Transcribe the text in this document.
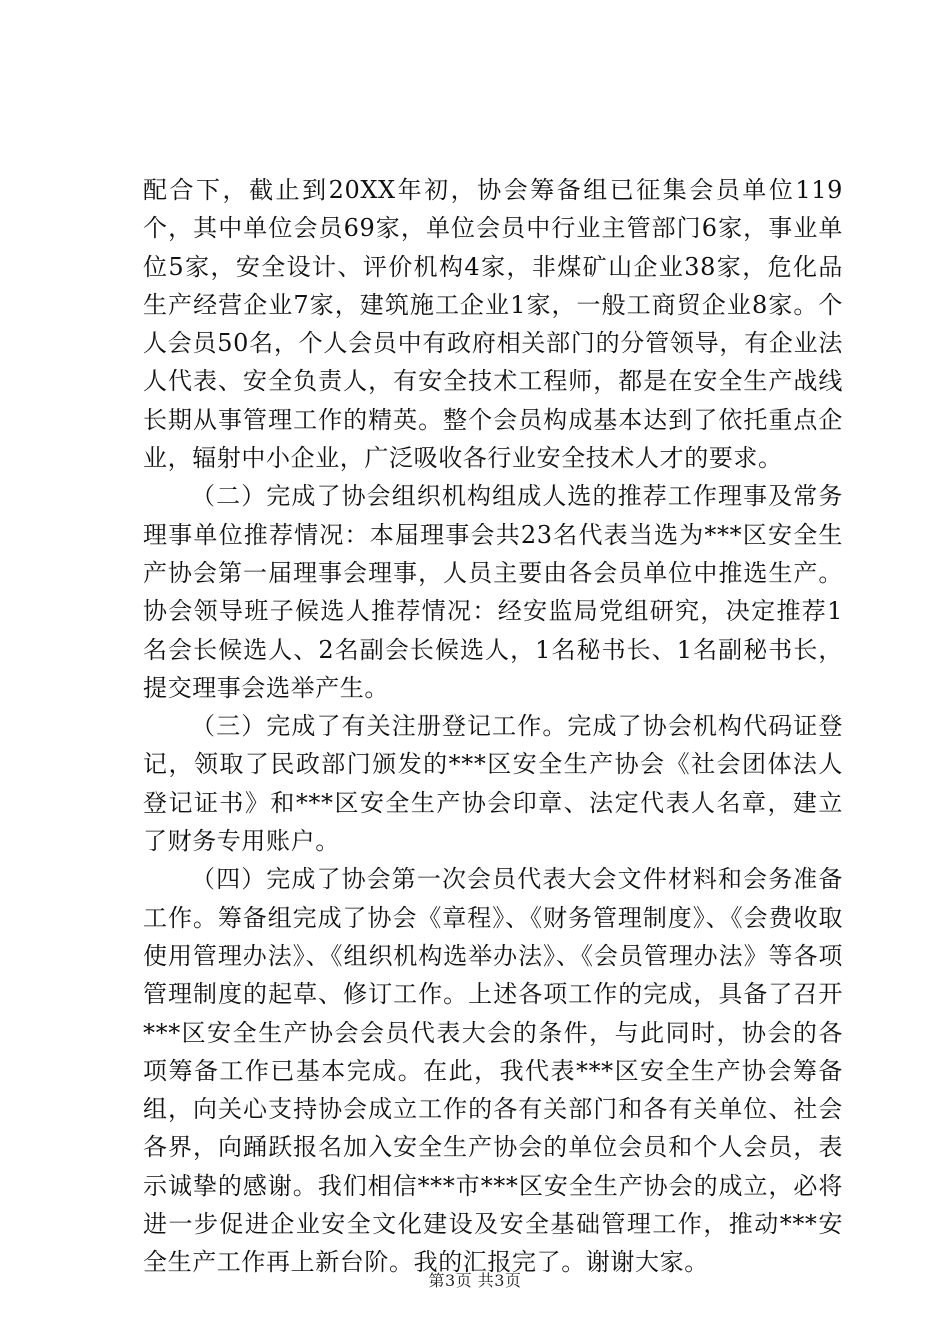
配合下，截止到20XX年初，协会筹备组已征集会员单位119个，其中单位会员69家，单位会员中行业主管部门6家，事业单位5家，安全设计、评价机构4家，非煤矿山企业38家，危化品生产经营企业7家，建筑施工企业1家，一般工商贸企业8家。个人会员50名，个人会员中有政府相关部门的分管领导，有企业法人代表、安全负责人，有安全技术工程师，都是在安全生产战线长期从事管理工作的精英。整个会员构成基本达到了依托重点企业，辐射中小企业，广泛吸收各行业安全技术人才的要求。

（二）完成了协会组织机构组成人选的推荐工作理事及常务理事单位推荐情况：本届理事会共23名代表当选为***区安全生产协会第一届理事会理事，人员主要由各会员单位中推选生产。协会领导班子候选人推荐情况：经安监局党组研究，决定推荐1名会长候选人、2名副会长候选人，1名秘书长、1名副秘书长，提交理事会选举产生。

（三）完成了有关注册登记工作。完成了协会机构代码证登记，领取了民政部门颁发的***区安全生产协会《社会团体法人登记证书》和***区安全生产协会印章、法定代表人名章，建立了财务专用账户。

（四）完成了协会第一次会员代表大会文件材料和会务准备工作。筹备组完成了协会《章程》、《财务管理制度》、《会费收取使用管理办法》、《组织机构选举办法》、《会员管理办法》等各项管理制度的起草、修订工作。上述各项工作的完成，具备了召开***区安全生产协会会员代表大会的条件，与此同时，协会的各项筹备工作已基本完成。在此，我代表***区安全生产协会筹备组，向关心支持协会成立工作的各有关部门和各有关单位、社会各界，向踊跃报名加入安全生产协会的单位会员和个人会员，表示诚挚的感谢。我们相信***市***区安全生产协会的成立，必将进一步促进企业安全文化建设及安全基础管理工作，推动***安全生产工作再上新台阶。我的汇报完了。谢谢大家。

第3页 共3页
